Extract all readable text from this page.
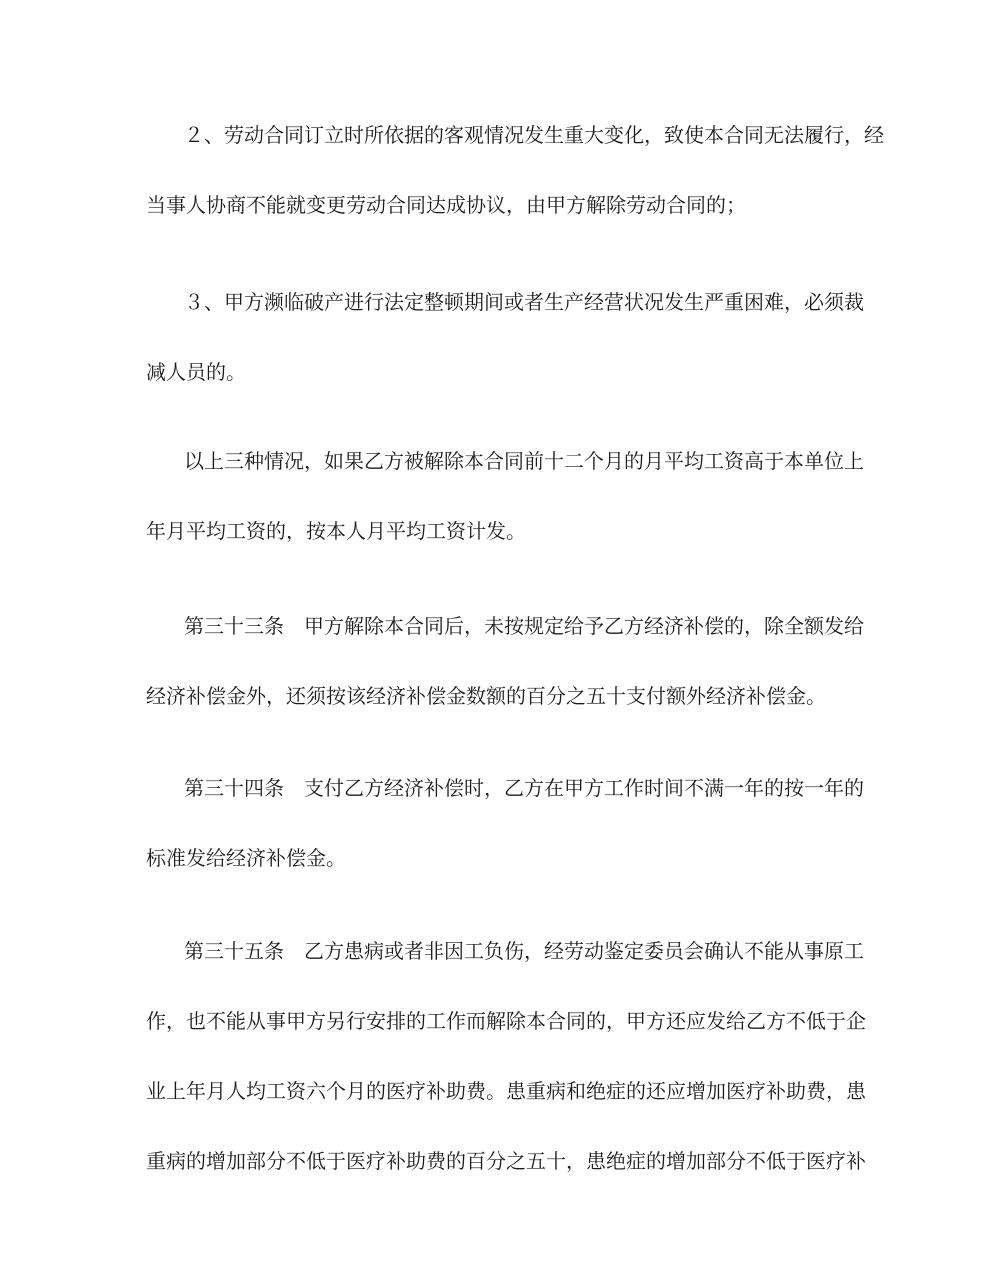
２、劳动合同订立时所依据的客观情况发生重大变化，致使本合同无法履行，经
当事人协商不能就变更劳动合同达成协议，由甲方解除劳动合同的；
３、甲方濒临破产进行法定整顿期间或者生产经营状况发生严重困难，必须裁
减人员的。
以上三种情况，如果乙方被解除本合同前十二个月的月平均工资高于本单位上
年月平均工资的，按本人月平均工资计发。
第三十三条　甲方解除本合同后，未按规定给予乙方经济补偿的，除全额发给
经济补偿金外，还须按该经济补偿金数额的百分之五十支付额外经济补偿金。
第三十四条　支付乙方经济补偿时，乙方在甲方工作时间不满一年的按一年的
标准发给经济补偿金。
第三十五条　乙方患病或者非因工负伤，经劳动鉴定委员会确认不能从事原工
作，也不能从事甲方另行安排的工作而解除本合同的，甲方还应发给乙方不低于企
业上年月人均工资六个月的医疗补助费。患重病和绝症的还应增加医疗补助费，患
重病的增加部分不低于医疗补助费的百分之五十，患绝症的增加部分不低于医疗补
